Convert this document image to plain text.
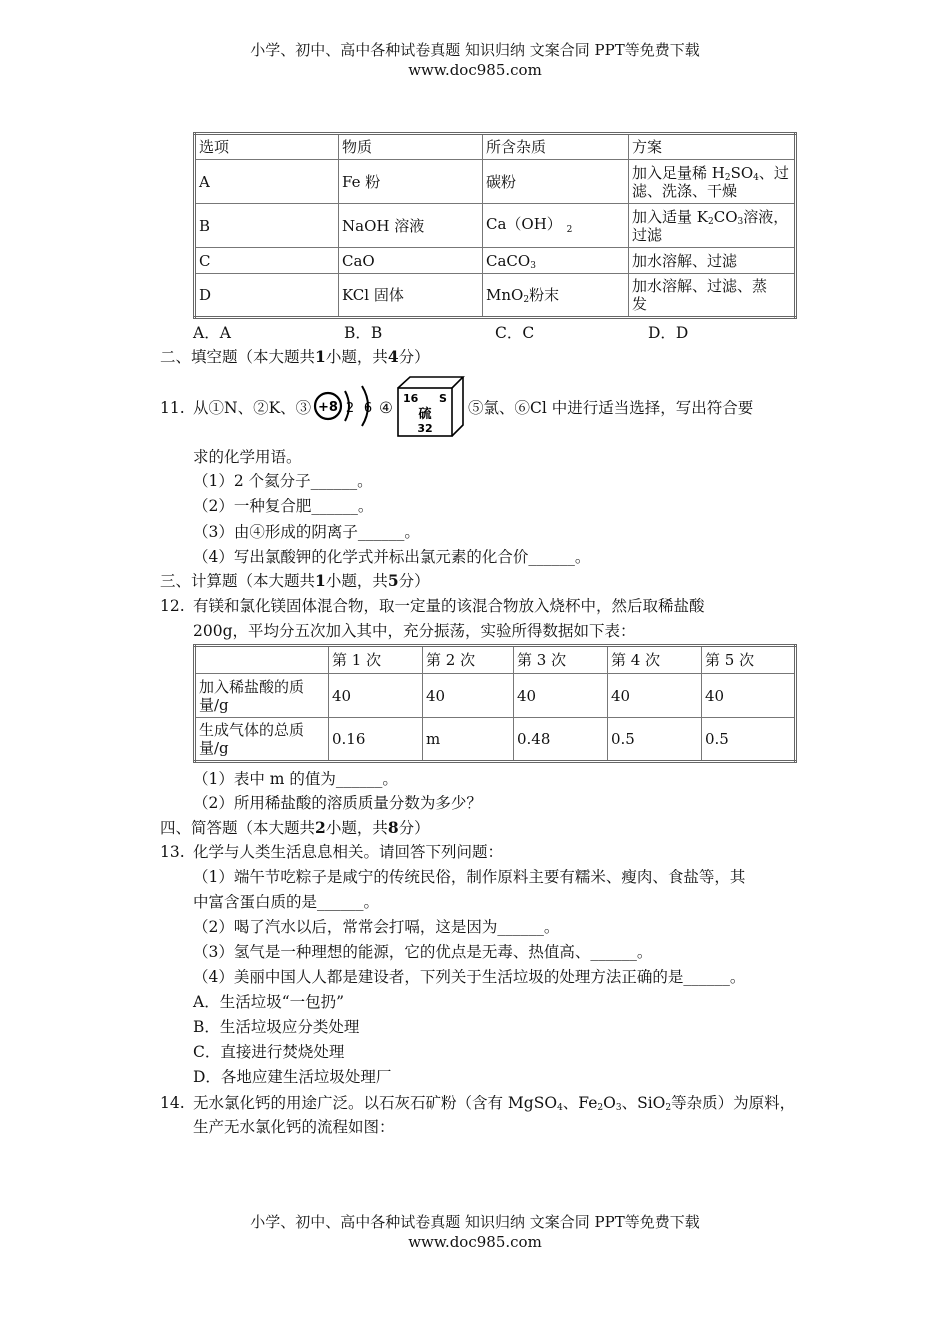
小学、初中、高中各种试卷真题 知识归纳 文案合同 PPT等免费下载
www.doc985.com
选项	物质	所含杂质	方案
A	Fe 粉	碳粉	加入足量稀 $H_2SO_4$、过
滤、洗涤、干燥
B	NaOH 溶液	Ca（OH） $_2$	加入适量 $K_2CO_3$溶液，
过滤
C	CaO	CaCO$_3$	加水溶解、过滤
D	KCl 固体	MnO$_2$粉末	加水溶解、过滤、蒸
发
A．A	B．B	C．C	D．D
二、填空题（本大题共1小题，共4分）
11. 从①N、②K、③ +8 2 6 ④
16 S
硫
32
⑤氯、⑥Cl 中进行适当选择，写出符合要
求的化学用语。
（1）2 个氦分子______。
（2）一种复合肥______。
（3）由④形成的阴离子______。
（4）写出氯酸钾的化学式并标出氯元素的化合价______。
三、计算题（本大题共1小题，共5分）
12. 有镁和氯化镁固体混合物，取一定量的该混合物放入烧杯中，然后取稀盐酸
200g，平均分五次加入其中，充分振荡，实验所得数据如下表：
	第 1 次	第 2 次	第 3 次	第 4 次	第 5 次
加入稀盐酸的质
量/g	40	40	40	40	40
生成气体的总质
量/g	0.16	m	0.48	0.5	0.5
（1）表中 m 的值为______。
（2）所用稀盐酸的溶质质量分数为多少？
四、简答题（本大题共2小题，共8分）
13. 化学与人类生活息息相关。请回答下列问题：
（1）端午节吃粽子是咸宁的传统民俗，制作原料主要有糯米、瘦肉、食盐等，其
中富含蛋白质的是______。
（2）喝了汽水以后，常常会打嗝，这是因为______。
（3）氢气是一种理想的能源，它的优点是无毒、热值高、______。
（4）美丽中国人人都是建设者，下列关于生活垃圾的处理方法正确的是______。
A．生活垃圾“一包扔”
B．生活垃圾应分类处理
C．直接进行焚烧处理
D．各地应建生活垃圾处理厂
14. 无水氯化钙的用途广泛。以石灰石矿粉（含有 MgSO$_4$、$Fe_2O_3$、SiO$_2$等杂质）为原料，
生产无水氯化钙的流程如图：
小学、初中、高中各种试卷真题 知识归纳 文案合同 PPT等免费下载
www.doc985.com
